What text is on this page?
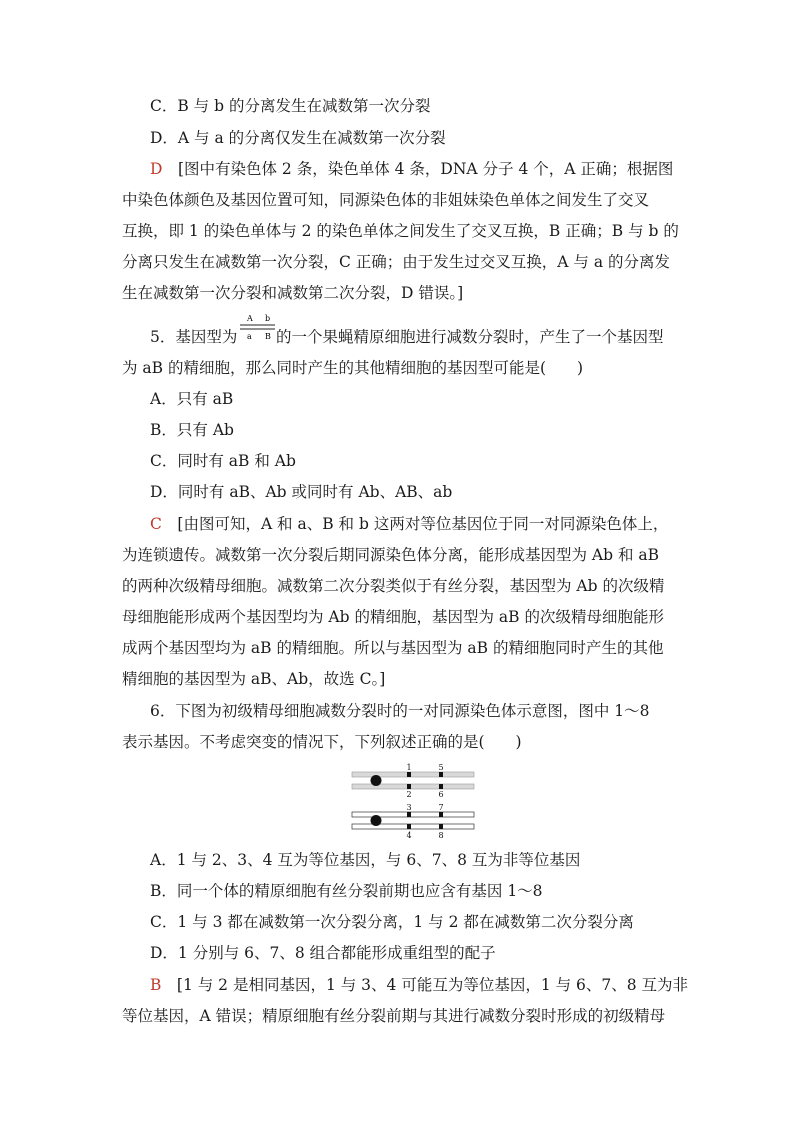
C．B 与 b 的分离发生在减数第一次分裂
D．A 与 a 的分离仅发生在减数第一次分裂
D　 [图中有染色体 2 条，染色单体 4 条，DNA 分子 4 个，A 正确；根据图
中染色体颜色及基因位置可知，同源染色体的非姐妹染色单体之间发生了交叉
互换，即 1 的染色单体与 2 的染色单体之间发生了交叉互换，B 正确；B 与 b 的
分离只发生在减数第一次分裂，C 正确；由于发生过交叉互换，A 与 a 的分离发
生在减数第一次分裂和减数第二次分裂，D 错误。]
5．基因型为
A b
a B 的一个果蝇精原细胞进行减数分裂时，产生了一个基因型
为 aB 的精细胞，那么同时产生的其他精细胞的基因型可能是(　　)
A．只有 aB
B．只有 Ab
C．同时有 aB 和 Ab
D．同时有 aB、Ab 或同时有 Ab、AB、ab
C　 [由图可知，A 和 a、B 和 b 这两对等位基因位于同一对同源染色体上，
为连锁遗传。减数第一次分裂后期同源染色体分离，能形成基因型为 Ab 和 aB
的两种次级精母细胞。减数第二次分裂类似于有丝分裂，基因型为 Ab 的次级精
母细胞能形成两个基因型均为 Ab 的精细胞，基因型为 aB 的次级精母细胞能形
成两个基因型均为 aB 的精细胞。所以与基因型为 aB 的精细胞同时产生的其他
精细胞的基因型为 aB、Ab，故选 C。]
6．下图为初级精母细胞减数分裂时的一对同源染色体示意图，图中 1～8
表示基因。不考虑突变的情况下，下列叙述正确的是(　　)
1
2
3
4
5
6
7
8
A．1 与 2、3、4 互为等位基因，与 6、7、8 互为非等位基因
B．同一个体的精原细胞有丝分裂前期也应含有基因 1～8
C．1 与 3 都在减数第一次分裂分离，1 与 2 都在减数第二次分裂分离
D．1 分别与 6、7、8 组合都能形成重组型的配子
B　 [1 与 2 是相同基因，1 与 3、4 可能互为等位基因，1 与 6、7、8 互为非
等位基因，A 错误；精原细胞有丝分裂前期与其进行减数分裂时形成的初级精母
